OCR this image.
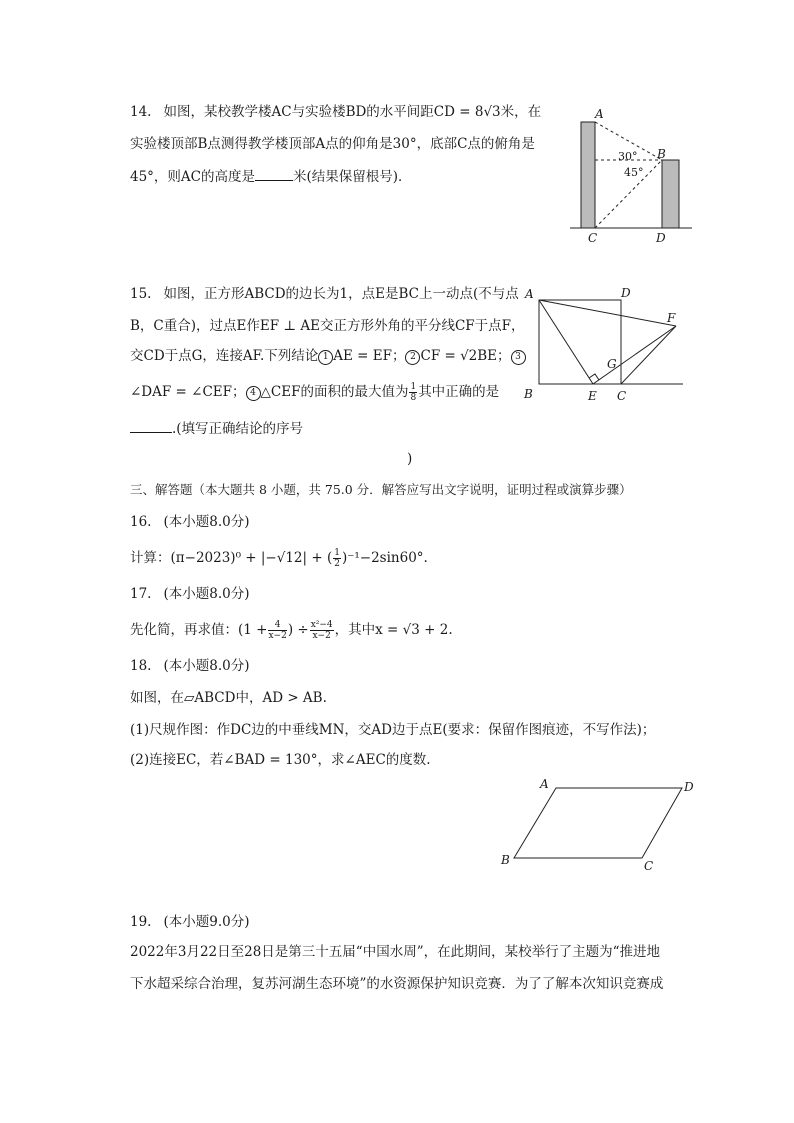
14. 如图，某校教学楼AC与实验楼BD的水平间距CD = 8√3米，在
实验楼顶部B点测得教学楼顶部A点的仰角是30°，底部C点的俯角是
45°，则AC的高度是	米(结果保留根号)．
A
B
C	D
30°
45°
15. 如图，正方形ABCD的边长为1，点E是BC上一动点(不与点
B，C重合)，过点E作EF ⊥ AE交正方形外角的平分线CF于点F，
交CD于点G，连接AF.下列结论 1 AE = EF； 2 CF = √2BE； 3
∠DAF = ∠CEF； 4 △CEF的面积的最大值为 $\frac{1}{8}$ 其中正确的是
.(填写正确结论的序号
)
A	D
B	E C
F
G
三、解答题（本大题共 8 小题，共 75.0 分．解答应写出文字说明，证明过程或演算步骤）
16. (本小题8.0分)
计算：(π−2023)⁰ + |−√12| + ( $\frac{1}{2} )^{-1}-2\sin 60^\circ$.
17. (本小题8.0分)
先化简，再求值：($1 + \frac{4}{x-2}$ ) ÷ $\frac{\text{x²−4}}{x-2}$ ，其中x = √3 + 2.
18. (本小题8.0分)
如图，在▱ABCD中，AD > AB.
(1)尺规作图：作DC边的中垂线MN，交AD边于点E(要求：保留作图痕迹，不写作法)；
(2)连接EC，若∠BAD = 130°，求∠AEC的度数.
A	D
B	C
19. (本小题9.0分)
2022年3月22日至28日是第三十五届“中国水周”，在此期间，某校举行了主题为“推进地
下水超采综合治理，复苏河湖生态环境”的水资源保护知识竞赛．为了了解本次知识竞赛成
